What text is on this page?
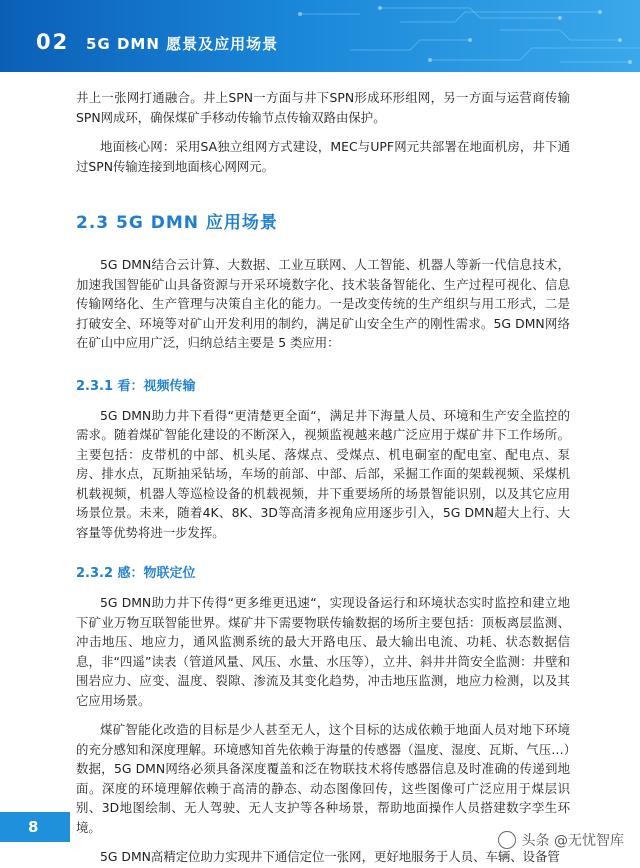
02 5G DMN 愿景及应用场景

井上一张网打通融合。井上SPN一方面与井下SPN形成环形组网，另一方面与运营商传输SPN网成环，确保煤矿手移动传输节点传输双路由保护。

地面核心网：采用SA独立组网方式建设，MEC与UPF网元共部署在地面机房，井下通过SPN传输连接到地面核心网网元。

2.3 5G DMN 应用场景

5G DMN结合云计算、大数据、工业互联网、人工智能、机器人等新一代信息技术，加速我国智能矿山具备资源与开采环境数字化、技术装备智能化、生产过程可视化、信息传输网络化、生产管理与决策自主化的能力。一是改变传统的生产组织与用工形式，二是打破安全、环境等对矿山开发利用的制约，满足矿山安全生产的刚性需求。5G DMN网络在矿山中应用广泛，归纳总结主要是 5 类应用：

2.3.1 看：视频传输

5G DMN助力井下看得“更清楚更全面“，满足井下海量人员、环境和生产安全监控的需求。随着煤矿智能化建设的不断深入，视频监视越来越广泛应用于煤矿井下工作场所。主要包括：皮带机的中部、机头尾、落煤点、受煤点、机电硐室的配电室、配电点、泵房、排水点，瓦斯抽采钻场，车场的前部、中部、后部，采掘工作面的架载视频、采煤机机载视频，机器人等巡检设备的机载视频，井下重要场所的场景智能识别，以及其它应用场景位景。未来，随着4K、8K、3D等高清多视角应用逐步引入，5G DMN超大上行、大容量等优势将进一步发挥。

2.3.2 感：物联定位

5G DMN助力井下传得“更多维更迅速“，实现设备运行和环境状态实时监控和建立地下矿业万物互联智能世界。煤矿井下需要物联传输数据的场所主要包括：顶板离层监测、冲击地压、地应力，通风监测系统的最大开路电压、最大输出电流、功耗、状态数据信息，非“四遥”读表（管道风量、风压、水量、水压等），立井、斜井井筒安全监测：井壁和围岩应力、应变、温度、裂隙、渗流及其变化趋势，冲击地压监测，地应力检测，以及其它应用场景。

煤矿智能化改造的目标是少人甚至无人，这个目标的达成依赖于地面人员对地下环境的充分感知和深度理解。环境感知首先依赖于海量的传感器（温度、湿度、瓦斯、气压…）数据，5G DMN网络必须具备深度覆盖和泛在物联技术将传感器信息及时准确的传递到地面。深度的环境理解依赖于高清的静态、动态图像回传，这些图像可广泛应用于煤层识别、3D地图绘制、无人驾驶、无人支护等各种场景，帮助地面操作人员搭建数字孪生环境。

5G DMN高精定位助力实现井下通信定位一张网，更好地服务于人员、车辆、设备管

8
头条 @无忧智库
